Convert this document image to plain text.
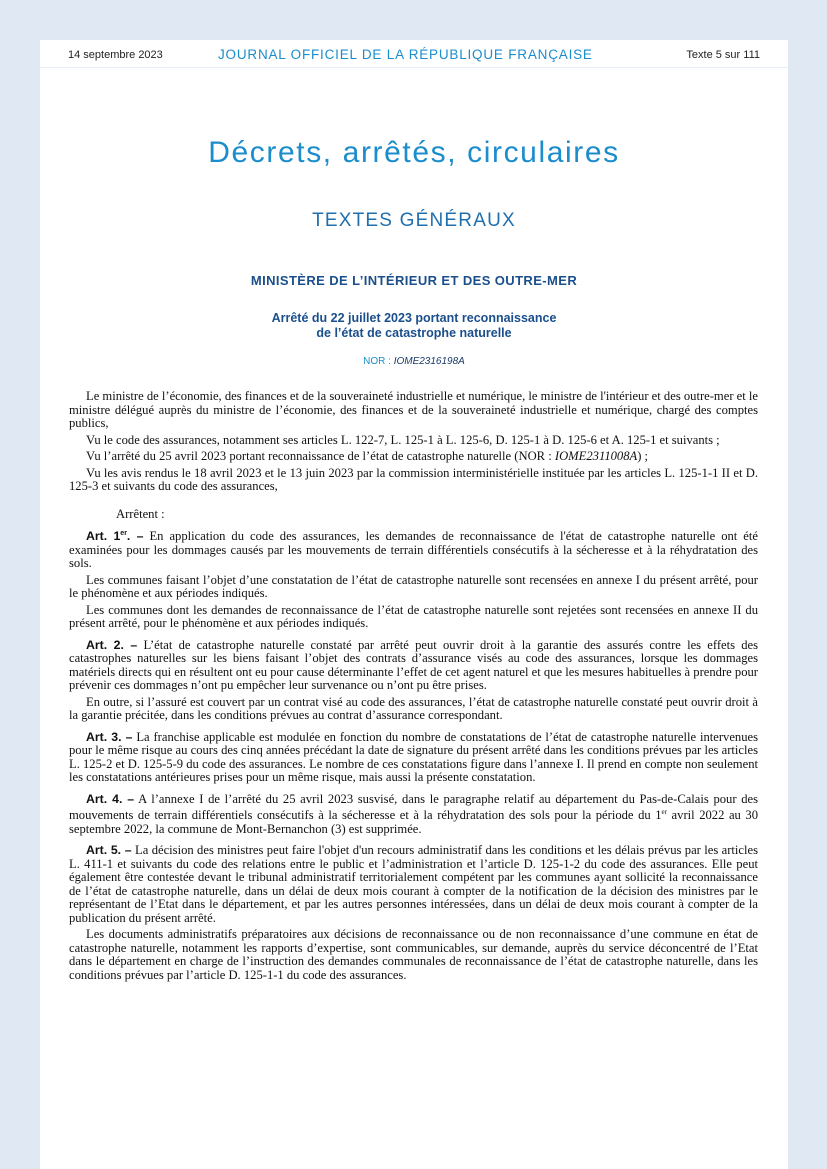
14 septembre 2023	JOURNAL OFFICIEL DE LA RÉPUBLIQUE FRANÇAISE	Texte 5 sur 111
Décrets, arrêtés, circulaires
TEXTES GÉNÉRAUX
MINISTÈRE DE L’INTÉRIEUR ET DES OUTRE-MER
Arrêté du 22 juillet 2023 portant reconnaissance
de l’état de catastrophe naturelle
NOR : IOME2316198A

Le ministre de l’économie, des finances et de la souveraineté industrielle et numérique, le ministre de l'intérieur et des outre-mer et le ministre délégué auprès du ministre de l’économie, des finances et de la souveraineté industrielle et numérique, chargé des comptes publics,

Vu le code des assurances, notamment ses articles L. 122-7, L. 125-1 à L. 125-6, D. 125-1 à D. 125-6 et A. 125-1 et suivants ;

Vu l’arrêté du 25 avril 2023 portant reconnaissance de l’état de catastrophe naturelle (NOR : IOME2311008A) ;

Vu les avis rendus le 18 avril 2023 et le 13 juin 2023 par la commission interministérielle instituée par les articles L. 125-1-1 II et D. 125-3 et suivants du code des assurances,

Arrêtent :

Art. 1er. – En application du code des assurances, les demandes de reconnaissance de l'état de catastrophe naturelle ont été examinées pour les dommages causés par les mouvements de terrain différentiels consécutifs à la sécheresse et à la réhydratation des sols.

Les communes faisant l’objet d’une constatation de l’état de catastrophe naturelle sont recensées en annexe I du présent arrêté, pour le phénomène et aux périodes indiqués.

Les communes dont les demandes de reconnaissance de l’état de catastrophe naturelle sont rejetées sont recensées en annexe II du présent arrêté, pour le phénomène et aux périodes indiqués.

Art. 2. – L’état de catastrophe naturelle constaté par arrêté peut ouvrir droit à la garantie des assurés contre les effets des catastrophes naturelles sur les biens faisant l’objet des contrats d’assurance visés au code des assurances, lorsque les dommages matériels directs qui en résultent ont eu pour cause déterminante l’effet de cet agent naturel et que les mesures habituelles à prendre pour prévenir ces dommages n’ont pu empêcher leur survenance ou n’ont pu être prises.

En outre, si l’assuré est couvert par un contrat visé au code des assurances, l’état de catastrophe naturelle constaté peut ouvrir droit à la garantie précitée, dans les conditions prévues au contrat d’assurance correspondant.

Art. 3. – La franchise applicable est modulée en fonction du nombre de constatations de l’état de catastrophe naturelle intervenues pour le même risque au cours des cinq années précédant la date de signature du présent arrêté dans les conditions prévues par les articles L. 125-2 et D. 125-5-9 du code des assurances. Le nombre de ces constatations figure dans l’annexe I. Il prend en compte non seulement les constatations antérieures prises pour un même risque, mais aussi la présente constatation.

Art. 4. – A l’annexe I de l’arrêté du 25 avril 2023 susvisé, dans le paragraphe relatif au département du Pas-de-Calais pour des mouvements de terrain différentiels consécutifs à la sécheresse et à la réhydratation des sols pour la période du 1er avril 2022 au 30 septembre 2022, la commune de Mont-Bernanchon (3) est supprimée.

Art. 5. – La décision des ministres peut faire l'objet d'un recours administratif dans les conditions et les délais prévus par les articles L. 411-1 et suivants du code des relations entre le public et l’administration et l’article D. 125-1-2 du code des assurances. Elle peut également être contestée devant le tribunal administratif territorialement compétent par les communes ayant sollicité la reconnaissance de l’état de catastrophe naturelle, dans un délai de deux mois courant à compter de la notification de la décision des ministres par le représentant de l’Etat dans le département, et par les autres personnes intéressées, dans un délai de deux mois courant à compter de la publication du présent arrêté.

Les documents administratifs préparatoires aux décisions de reconnaissance ou de non reconnaissance d’une commune en état de catastrophe naturelle, notamment les rapports d’expertise, sont communicables, sur demande, auprès du service déconcentré de l’Etat dans le département en charge de l’instruction des demandes communales de reconnaissance de l’état de catastrophe naturelle, dans les conditions prévues par l’article D. 125-1-1 du code des assurances.
